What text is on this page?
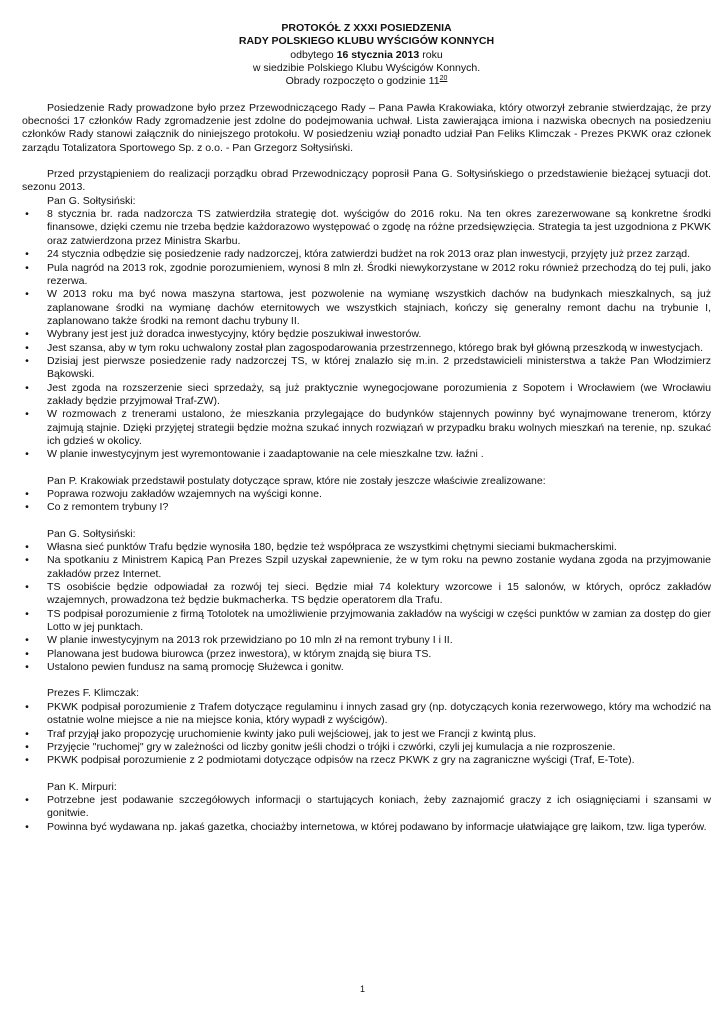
PROTOKÓŁ Z XXXI POSIEDZENIA
RADY POLSKIEGO KLUBU WYŚCIGÓW KONNYCH
odbytego 16 stycznia 2013 roku
w siedzibie Polskiego Klubu Wyścigów Konnych.
Obrady rozpoczęto o godzinie $11^{20}$

Posiedzenie Rady prowadzone było przez Przewodniczącego Rady – Pana Pawła Krakowiaka, który otworzył zebranie stwierdzając, że przy obecności 17 członków Rady zgromadzenie jest zdolne do podejmowania uchwał. Lista zawierająca imiona i nazwiska obecnych na posiedzeniu członków Rady stanowi załącznik do niniejszego protokołu. W posiedzeniu wziął ponadto udział Pan Feliks Klimczak - Prezes PKWK oraz członek zarządu Totalizatora Sportowego Sp. z o.o. - Pan Grzegorz Sołtysiński.

Przed przystąpieniem do realizacji porządku obrad Przewodniczący poprosił Pana G. Sołtysińskiego o przedstawienie bieżącej sytuacji dot. sezonu 2013.

Pan G. Sołtysiński:

• 8 stycznia br. rada nadzorcza TS zatwierdziła strategię dot. wyścigów do 2016 roku. Na ten okres zarezerwowane są konkretne środki finansowe, dzięki czemu nie trzeba będzie każdorazowo występować o zgodę na różne przedsięwzięcia. Strategia ta jest uzgodniona z PKWK oraz zatwierdzona przez Ministra Skarbu.
• 24 stycznia odbędzie się posiedzenie rady nadzorczej, która zatwierdzi budżet na rok 2013 oraz plan inwestycji, przyjęty już przez zarząd.
• Pula nagród na 2013 rok, zgodnie porozumieniem, wynosi 8 mln zł. Środki niewykorzystane w 2012 roku również przechodzą do tej puli, jako rezerwa.
• W 2013 roku ma być nowa maszyna startowa, jest pozwolenie na wymianę wszystkich dachów na budynkach mieszkalnych, są już zaplanowane środki na wymianę dachów eternitowych we wszystkich stajniach, kończy się generalny remont dachu na trybunie I, zaplanowano także środki na remont dachu trybuny II.
• Wybrany jest jest już doradca inwestycyjny, który będzie poszukiwał inwestorów.
• Jest szansa, aby w tym roku uchwalony został plan zagospodarowania przestrzennego, którego brak był główną przeszkodą w inwestycjach.
• Dzisiaj jest pierwsze posiedzenie rady nadzorczej TS, w której znalazło się m.in. 2 przedstawicieli ministerstwa a także Pan Włodzimierz Bąkowski.
• Jest zgoda na rozszerzenie sieci sprzedaży, są już praktycznie wynegocjowane porozumienia z Sopotem i Wrocławiem (we Wrocławiu zakłady będzie przyjmował Traf-ZW).
• W rozmowach z trenerami ustalono, że mieszkania przylegające do budynków stajennych powinny być wynajmowane trenerom, którzy zajmują stajnie. Dzięki przyjętej strategii będzie można szukać innych rozwiązań w przypadku braku wolnych mieszkań na terenie, np. szukać ich gdzieś w okolicy.
• W planie inwestycyjnym jest wyremontowanie i zaadaptowanie na cele mieszkalne tzw. łaźni .

Pan P. Krakowiak przedstawił postulaty dotyczące spraw, które nie zostały jeszcze właściwie zrealizowane:

• Poprawa rozwoju zakładów wzajemnych na wyścigi konne.
• Co z remontem trybuny I?

Pan G. Sołtysiński:

• Własna sieć punktów Trafu będzie wynosiła 180, będzie też współpraca ze wszystkimi chętnymi sieciami bukmacherskimi.
• Na spotkaniu z Ministrem Kapicą Pan Prezes Szpil uzyskał zapewnienie, że w tym roku na pewno zostanie wydana zgoda na przyjmowanie zakładów przez Internet.
• TS osobiście będzie odpowiadał za rozwój tej sieci. Będzie miał 74 kolektury wzorcowe i 15 salonów, w których, oprócz zakładów wzajemnych, prowadzona też będzie bukmacherka. TS będzie operatorem dla Trafu.
• TS podpisał porozumienie z firmą Totolotek na umożliwienie przyjmowania zakładów na wyścigi w części punktów w zamian za dostęp do gier Lotto w jej punktach.
• W planie inwestycyjnym na 2013 rok przewidziano po 10 mln zł na remont trybuny I i II.
• Planowana jest budowa biurowca (przez inwestora), w którym znajdą się biura TS.
• Ustalono pewien fundusz na samą promocję Służewca i gonitw.

Prezes F. Klimczak:

• PKWK podpisał porozumienie z Trafem dotyczące regulaminu i innych zasad gry (np. dotyczących konia rezerwowego, który ma wchodzić na ostatnie wolne miejsce a nie na miejsce konia, który wypadł z wyścigów).
• Traf przyjął jako propozycję uruchomienie kwinty jako puli wejściowej, jak to jest we Francji z kwintą plus.
• Przyjęcie "ruchomej" gry w zależności od liczby gonitw jeśli chodzi o trójki i czwórki, czyli jej kumulacja a nie rozproszenie.
• PKWK podpisał porozumienie z 2 podmiotami dotyczące odpisów na rzecz PKWK z gry na zagraniczne wyścigi (Traf, E-Tote).

Pan K. Mirpuri:

• Potrzebne jest podawanie szczegółowych informacji o startujących koniach, żeby zaznajomić graczy z ich osiągnięciami i szansami w gonitwie.
• Powinna być wydawana np. jakaś gazetka, chociażby internetowa, w której podawano by informacje ułatwiające grę laikom, tzw. liga typerów.
1
